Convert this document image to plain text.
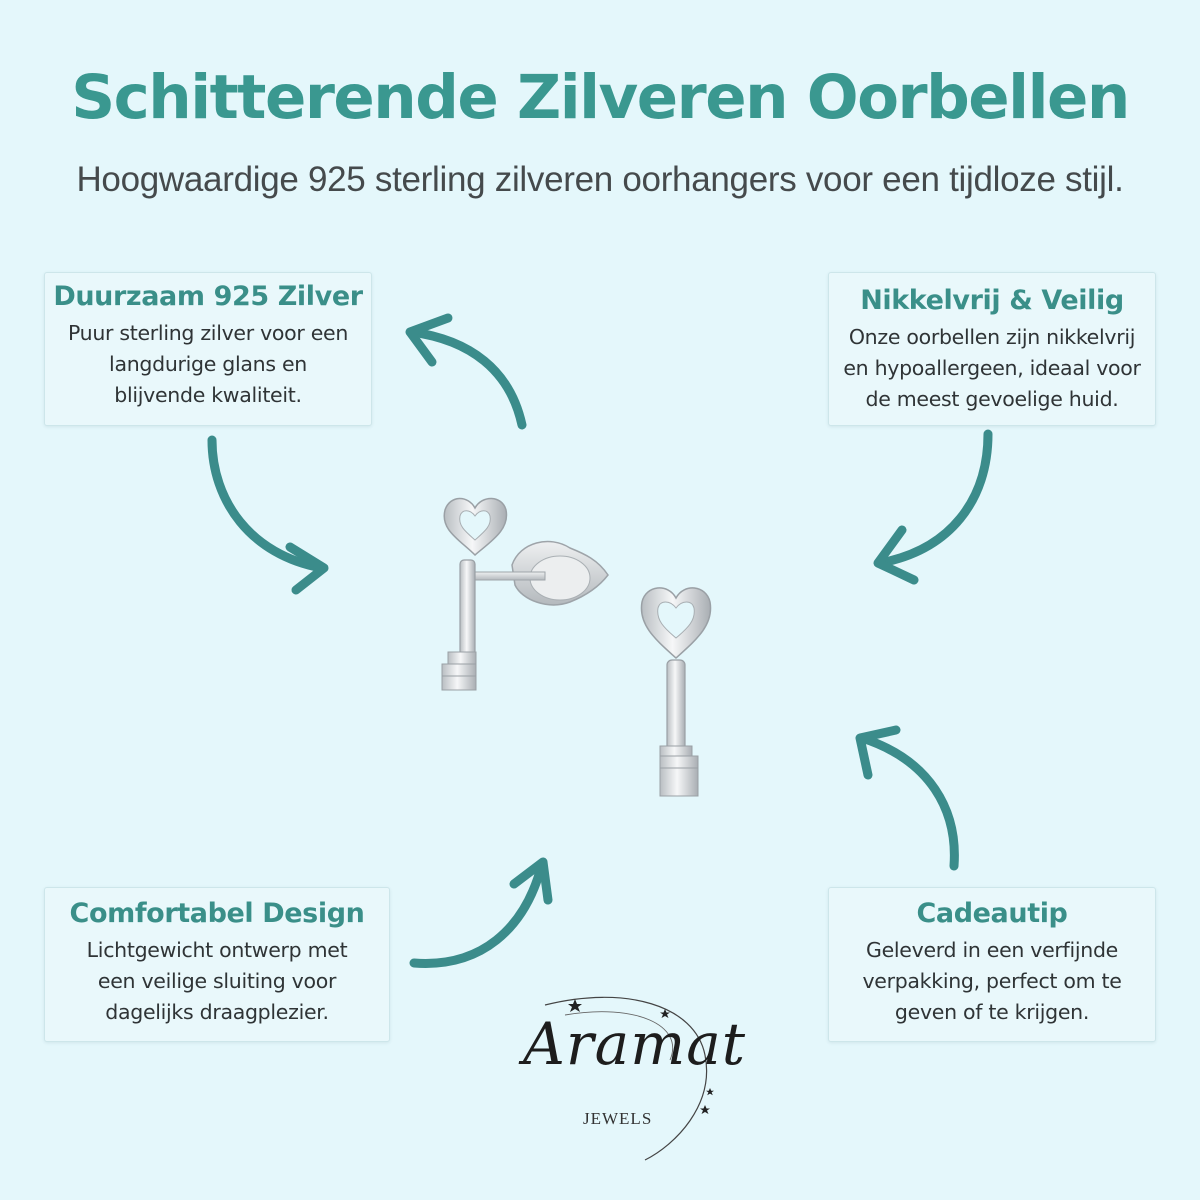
Schitterende Zilveren Oorbellen
Hoogwaardige 925 sterling zilveren oorhangers voor een tijdloze stijl.
Duurzaam 925 Zilver

Puur sterling zilver voor een
langdurige glans en
blijvende kwaliteit.

Nikkelvrij & Veilig

Onze oorbellen zijn nikkelvrij
en hypoallergeen, ideaal voor
de meest gevoelige huid.

Comfortabel Design

Lichtgewicht ontwerp met
een veilige sluiting voor
dagelijks draagplezier.

Cadeautip

Geleverd in een verfijnde
verpakking, perfect om te
geven of te krijgen.

Aramat
JEWELS
